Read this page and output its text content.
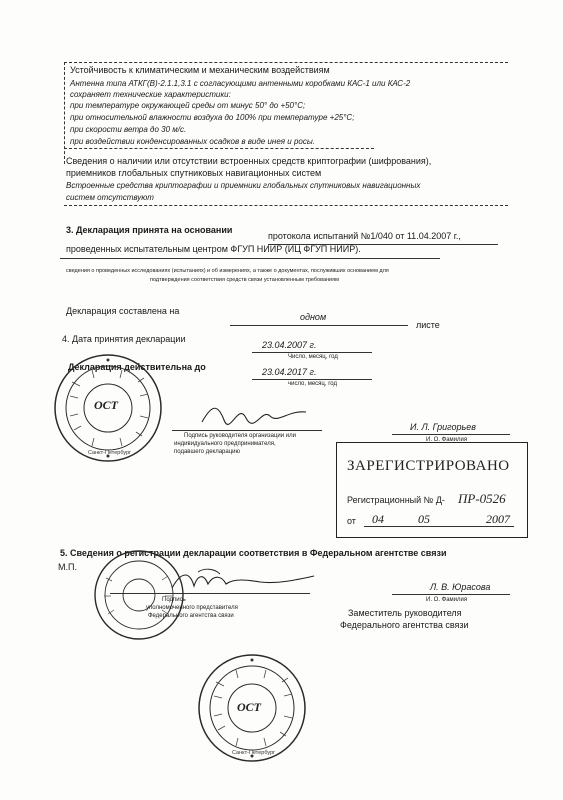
Устойчивость к климатическим и механическим воздействиям
Антенна типа АТКГ(В)-2.1.1,3.1 с согласующими антенными коробками КАС-1 или КАС-2
сохраняет технические характеристики:
при температуре окружающей среды от минус 50° до +50°С;
при относительной влажности воздуха до 100% при температуре +25°С;
при скорости ветра до 30 м/с.
при воздействии конденсированных осадков в виде инея и росы.
Сведения о наличии или отсутствии встроенных средств криптографии (шифрования),
приемников глобальных спутниковых навигационных систем
Встроенные средства криптографии и приемники глобальных спутниковых навигационных
систем отсутствуют
3. Декларация принята на основании
протокола испытаний №1/040 от 11.04.2007 г.,
проведенных испытательным центром ФГУП НИИР (ИЦ ФГУП НИИР).
сведения о проведенных исследованиях (испытаниях) и об измерениях, а также о документах, послуживших основанием для
подтверждения соответствия средств связи установленным требованиям
Декларация составлена на
одном
листе
4. Дата принятия декларации
23.04.2007 г.
Число, месяц, год
Декларация действительна до	23.04.2017 г.
число, месяц, год
Подпись руководителя организации или
индивидуального предпринимателя,
подавшего декларацию
И. Л. Григорьев
И. О. Фамилия
ОСТ
Санкт-Петербург
ЗАРЕГИСТРИРОВАНО
Регистрационный № Д- ПР-0526
от 04	05	2007
5. Сведения о регистрации декларации соответствия в Федеральном агентстве связи
М.П.
Подпись
уполномоченного представителя
Федерального агентства связи
Л. В. Юрасова
И. О. Фамилия
Заместитель руководителя
Федерального агентства связи
ОСТ
Санкт-Петербург
